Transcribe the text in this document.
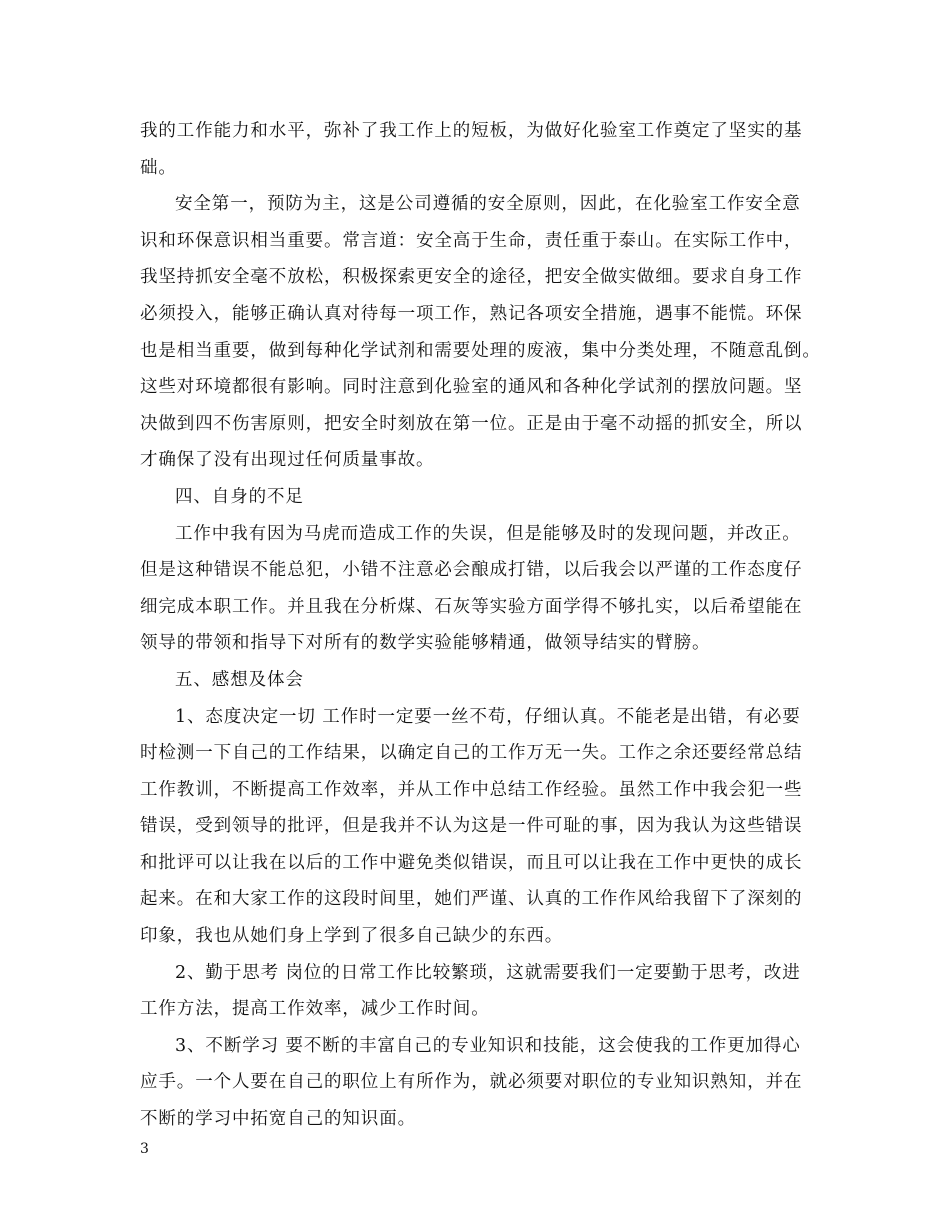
我的工作能力和水平，弥补了我工作上的短板，为做好化验室工作奠定了坚实的基
础。
安全第一，预防为主，这是公司遵循的安全原则，因此，在化验室工作安全意
识和环保意识相当重要。常言道：安全高于生命，责任重于泰山。在实际工作中，
我坚持抓安全毫不放松，积极探索更安全的途径，把安全做实做细。要求自身工作
必须投入，能够正确认真对待每一项工作，熟记各项安全措施，遇事不能慌。环保
也是相当重要，做到每种化学试剂和需要处理的废液，集中分类处理，不随意乱倒。
这些对环境都很有影响。同时注意到化验室的通风和各种化学试剂的摆放问题。坚
决做到四不伤害原则，把安全时刻放在第一位。正是由于毫不动摇的抓安全，所以
才确保了没有出现过任何质量事故。
四、自身的不足
工作中我有因为马虎而造成工作的失误，但是能够及时的发现问题，并改正。
但是这种错误不能总犯，小错不注意必会酿成打错，以后我会以严谨的工作态度仔
细完成本职工作。并且我在分析煤、石灰等实验方面学得不够扎实，以后希望能在
领导的带领和指导下对所有的数学实验能够精通，做领导结实的臂膀。
五、感想及体会
1、态度决定一切 工作时一定要一丝不苟，仔细认真。不能老是出错，有必要
时检测一下自己的工作结果，以确定自己的工作万无一失。工作之余还要经常总结
工作教训，不断提高工作效率，并从工作中总结工作经验。虽然工作中我会犯一些
错误，受到领导的批评，但是我并不认为这是一件可耻的事，因为我认为这些错误
和批评可以让我在以后的工作中避免类似错误，而且可以让我在工作中更快的成长
起来。在和大家工作的这段时间里，她们严谨、认真的工作作风给我留下了深刻的
印象，我也从她们身上学到了很多自己缺少的东西。
2、勤于思考 岗位的日常工作比较繁琐，这就需要我们一定要勤于思考，改进
工作方法，提高工作效率，减少工作时间。
3、不断学习 要不断的丰富自己的专业知识和技能，这会使我的工作更加得心
应手。一个人要在自己的职位上有所作为，就必须要对职位的专业知识熟知，并在
不断的学习中拓宽自己的知识面。
3
